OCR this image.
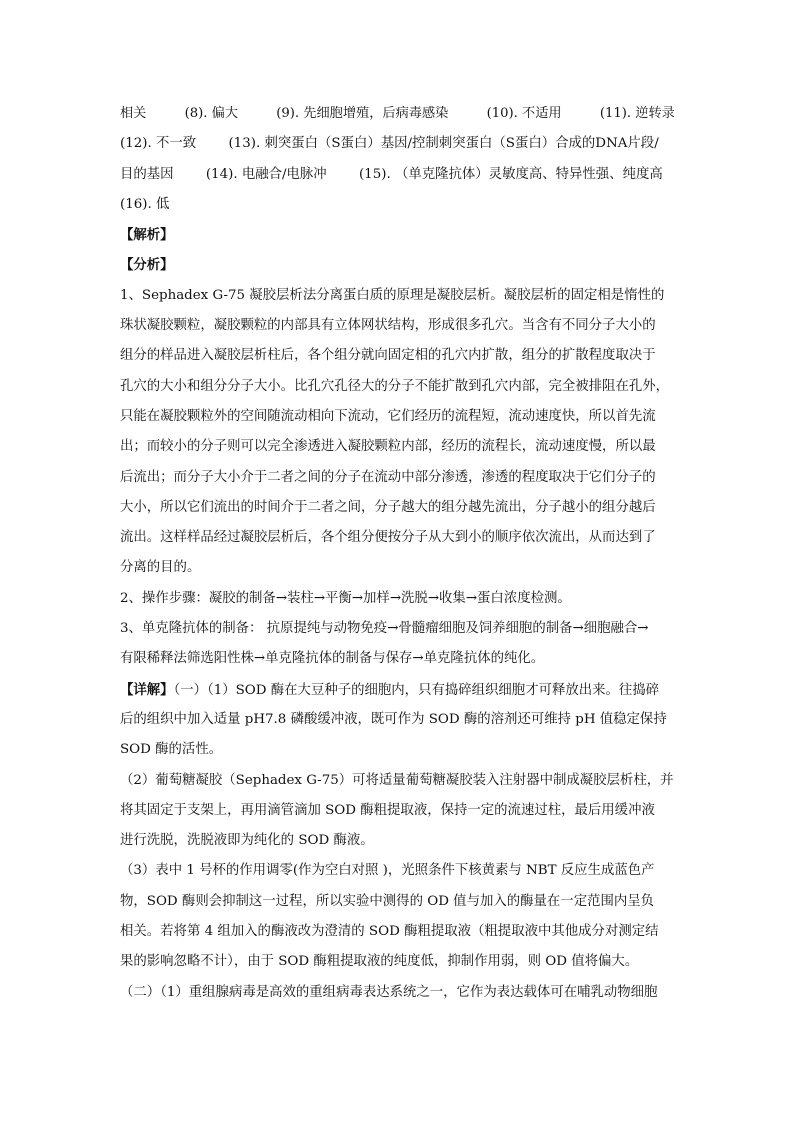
相关	(8). 偏大	(9). 先细胞增殖，后病毒感染	(10). 不适用	(11). 逆转录
(12). 不一致 (13). 刺突蛋白（S蛋白）基因/控制刺突蛋白（S蛋白）合成的DNA片段/
目的基因 (14). 电融合/电脉冲 (15). （单克隆抗体）灵敏度高、特异性强、纯度高
(16). 低
【解析】
【分析】
1、Sephadex G-75 凝胶层析法分离蛋白质的原理是凝胶层析。凝胶层析的固定相是惰性的
珠状凝胶颗粒，凝胶颗粒的内部具有立体网状结构，形成很多孔穴。当含有不同分子大小的
组分的样品进入凝胶层析柱后，各个组分就向固定相的孔穴内扩散，组分的扩散程度取决于
孔穴的大小和组分分子大小。比孔穴孔径大的分子不能扩散到孔穴内部，完全被排阻在孔外，
只能在凝胶颗粒外的空间随流动相向下流动，它们经历的流程短，流动速度快，所以首先流
出；而较小的分子则可以完全渗透进入凝胶颗粒内部，经历的流程长，流动速度慢，所以最
后流出；而分子大小介于二者之间的分子在流动中部分渗透，渗透的程度取决于它们分子的
大小，所以它们流出的时间介于二者之间，分子越大的组分越先流出，分子越小的组分越后
流出。这样样品经过凝胶层析后，各个组分便按分子从大到小的顺序依次流出，从而达到了
分离的目的。
2、操作步骤：凝胶的制备→装柱→平衡→加样→洗脱→收集→蛋白浓度检测。
3、单克隆抗体的制备： 抗原提纯与动物免疫→骨髓瘤细胞及饲养细胞的制备→细胞融合→
有限稀释法筛选阳性株→单克隆抗体的制备与保存→单克隆抗体的纯化。
【详解】（一）（1）SOD 酶在大豆种子的细胞内，只有捣碎组织细胞才可释放出来。往捣碎
后的组织中加入适量 pH7.8 磷酸缓冲液，既可作为 SOD 酶的溶剂还可维持 pH 值稳定保持
SOD 酶的活性。
（2）葡萄糖凝胶（Sephadex G-75）可将适量葡萄糖凝胶装入注射器中制成凝胶层析柱，并
将其固定于支架上，再用滴管滴加 SOD 酶粗提取液，保持一定的流速过柱，最后用缓冲液
进行洗脱，洗脱液即为纯化的 SOD 酶液。
（3）表中 1 号杯的作用调零(作为空白对照 )，光照条件下核黄素与 NBT 反应生成蓝色产
物，SOD 酶则会抑制这一过程，所以实验中测得的 OD 值与加入的酶量在一定范围内呈负
相关。若将第 4 组加入的酶液改为澄清的 SOD 酶粗提取液（粗提取液中其他成分对测定结
果的影响忽略不计），由于 SOD 酶粗提取液的纯度低，抑制作用弱，则 OD 值将偏大。
（二）（1）重组腺病毒是高效的重组病毒表达系统之一，它作为表达载体可在哺乳动物细胞
